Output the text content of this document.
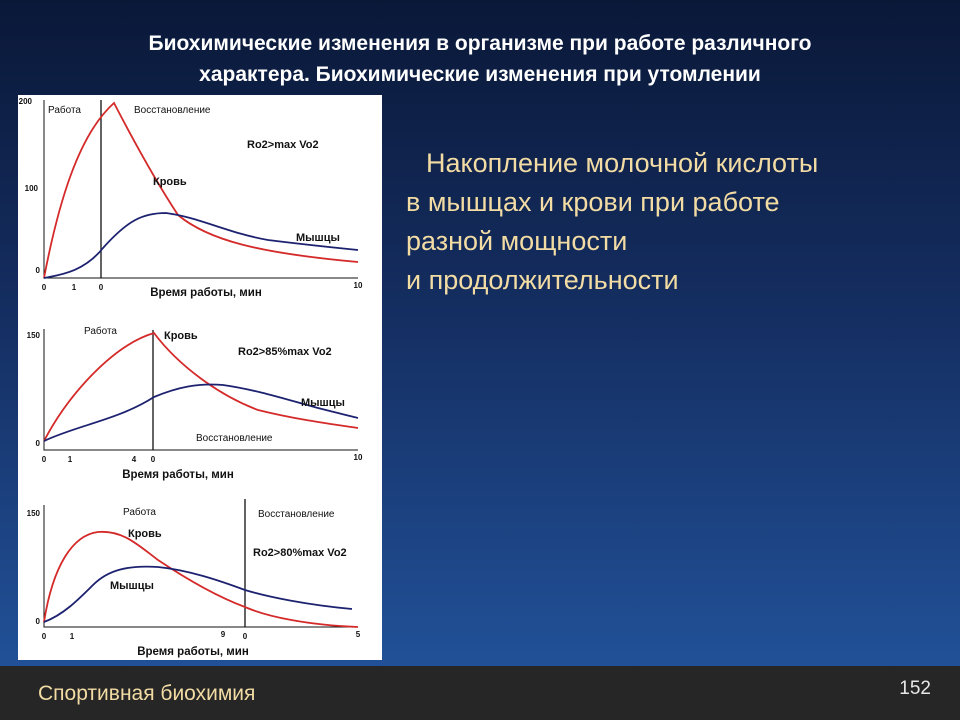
Биохимические изменения в организме при работе различного
характера. Биохимические изменения при утомлении
200
100
0
Работа	Восстановление
Ro2>max Vo2
Кровь
Мышцы
0	1	0	10
Время работы, мин
150
0
Работа	Кровь
Ro2>85%max Vo2
Мышцы
Восстановление
0	1	4 0	10
Время работы, мин
150
0
Работа	Восстановление
Кровь
Ro2>80%max Vo2
Мышцы
0	1	9 0	5
Время работы, мин
Накопление молочной кислоты
в мышцах и крови при работе
разной мощности
и продолжительности
Спортивная биохимия	152
